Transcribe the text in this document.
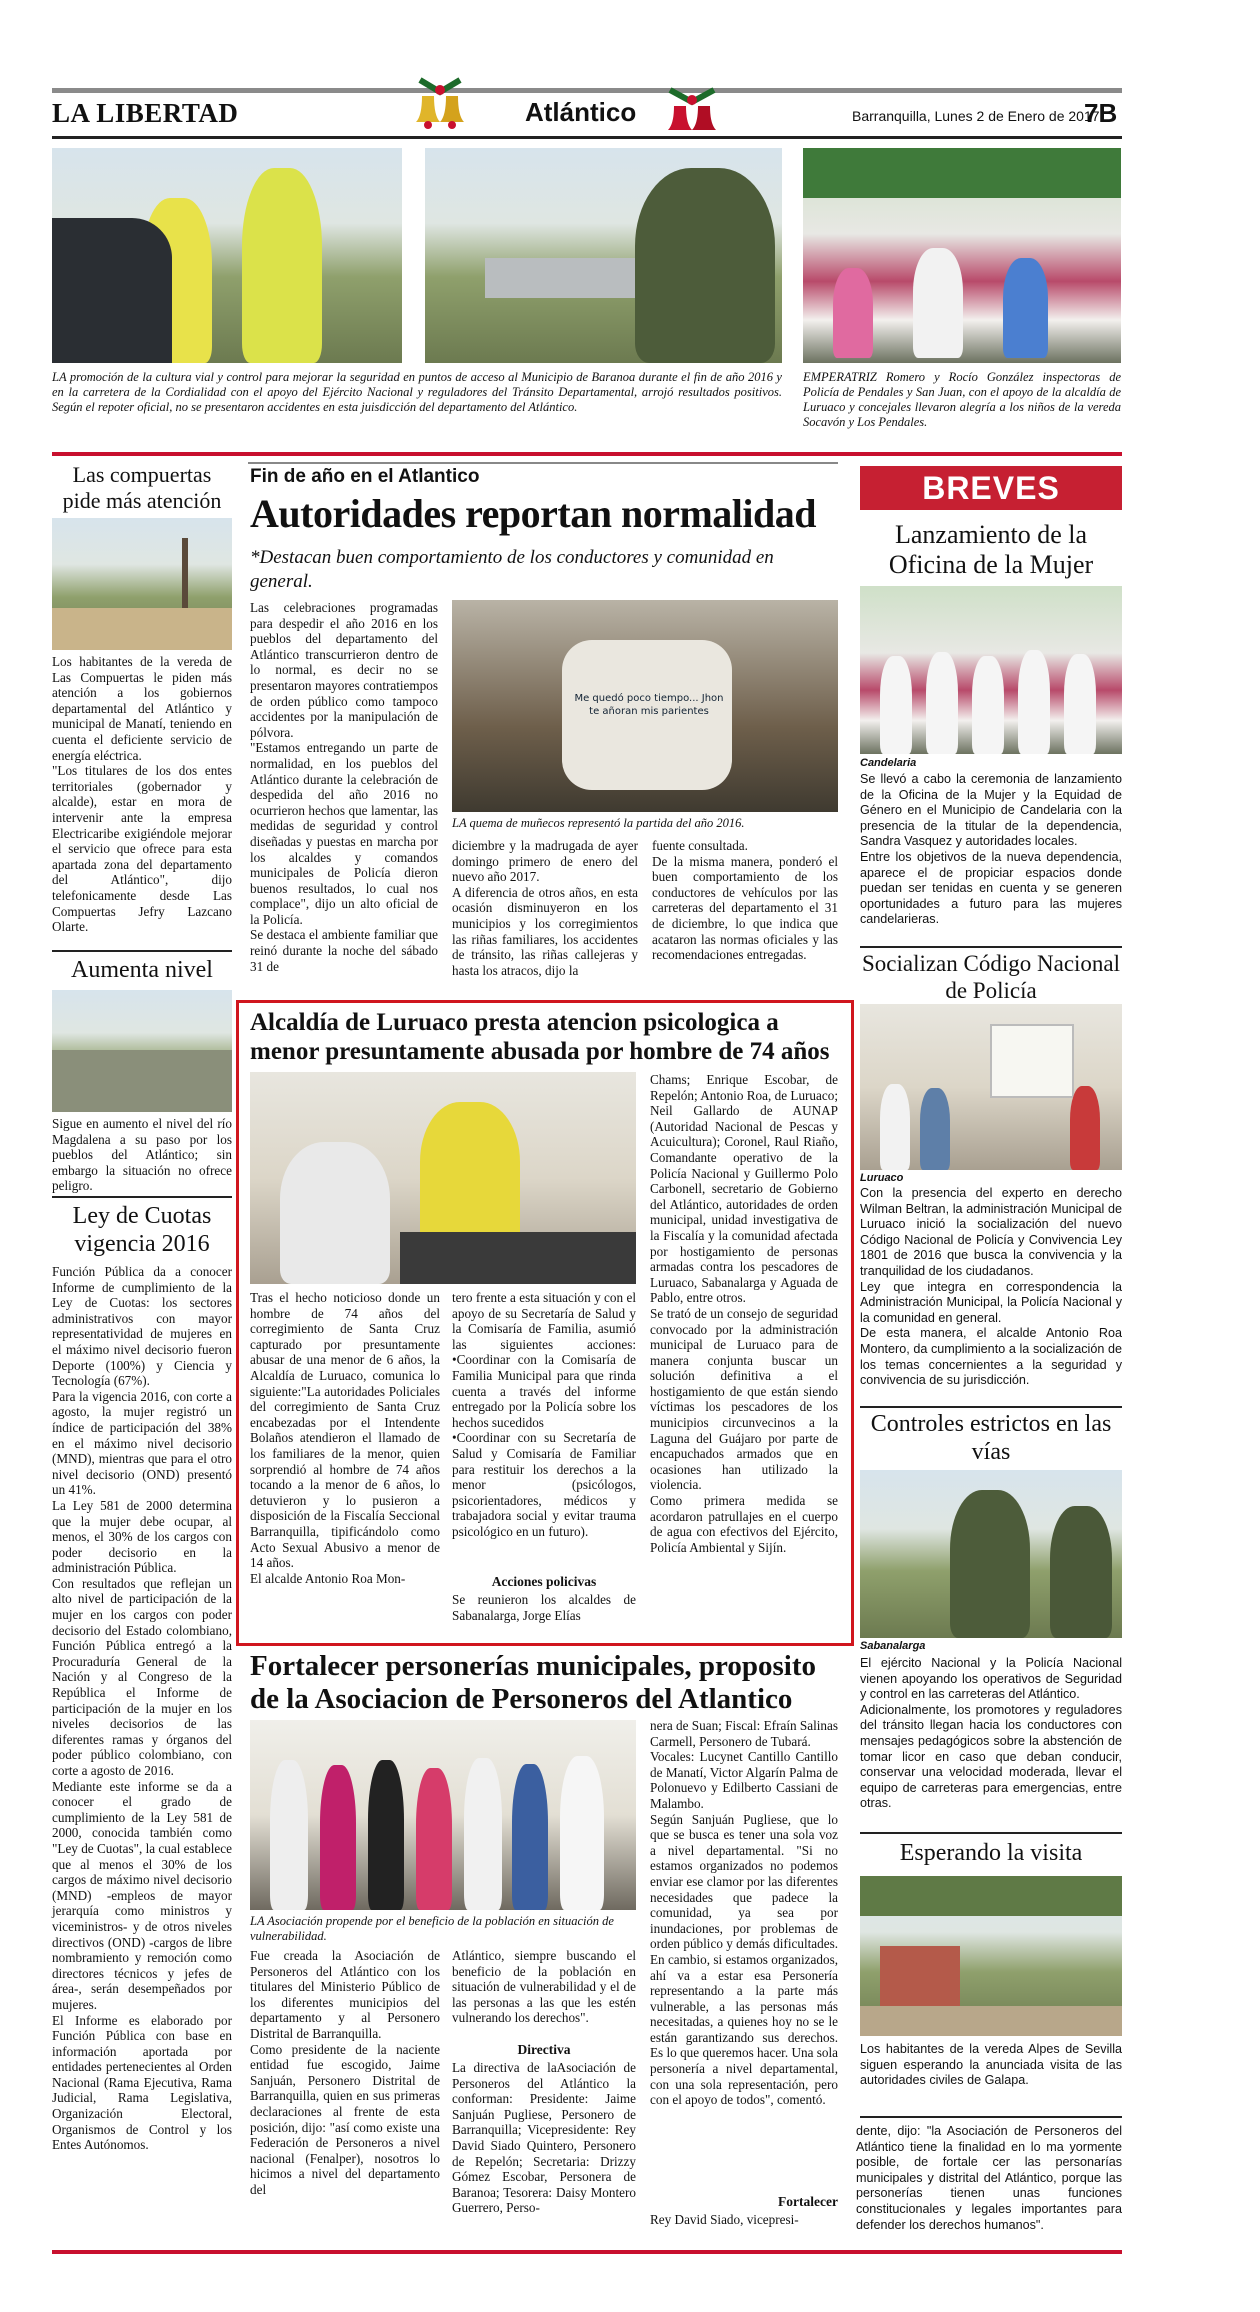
LA LIBERTAD	Atlántico	Barranquilla, Lunes 2 de Enero de 2017
7B
LA promoción de la cultura vial y control para mejorar la seguridad en puntos de acceso al Municipio de Baranoa durante el fin de año 2016 y en la carretera de la Cordialidad con el apoyo del Ejército Nacional y reguladores del Tránsito Departamental, arrojó resultados positivos. Según el repoter oficial, no se presentaron accidentes en esta juisdicción del departamento del Atlántico.
EMPERATRIZ Romero y Rocío González inspectoras de Policía de Pendales y San Juan, con el apoyo de la alcaldía de Luruaco y concejales llevaron alegría a los niños de la vereda Socavón y Los Pendales.
Las compuertas pide más atención
Los habitantes de la vereda de Las Compuertas le piden más atención a los gobiernos departamental del Atlántico y municipal de Manatí, teniendo en cuenta el deficiente servicio de energía eléctrica.
"Los titulares de los dos entes territoriales (gobernador y alcalde), estar en mora de intervenir ante la empresa Electricaribe exigiéndole mejorar el servicio que ofrece para esta apartada zona del departamento del Atlántico", dijo telefonicamente desde Las Compuertas Jefry Lazcano Olarte.
Aumenta nivel
Sigue en aumento el nivel del río Magdalena a su paso por los pueblos del Atlántico; sin embargo la situación no ofrece peligro.
Ley de Cuotas vigencia 2016
Función Pública da a conocer Informe de cumplimiento de la Ley de Cuotas: los sectores administrativos con mayor representatividad de mujeres en el máximo nivel decisorio fueron Deporte (100%) y Ciencia y Tecnología (67%).
Para la vigencia 2016, con corte a agosto, la mujer registró un índice de participación del 38% en el máximo nivel decisorio (MND), mientras que para el otro nivel decisorio (OND) presentó un 41%.
La Ley 581 de 2000 determina que la mujer debe ocupar, al menos, el 30% de los cargos con poder decisorio en la administración Pública.
Con resultados que reflejan un alto nivel de participación de la mujer en los cargos con poder decisorio del Estado colombiano, Función Pública entregó a la Procuraduría General de la Nación y al Congreso de la República el Informe de participación de la mujer en los niveles decisorios de las diferentes ramas y órganos del poder público colombiano, con corte a agosto de 2016.
Mediante este informe se da a conocer el grado de cumplimiento de la Ley 581 de 2000, conocida también como "Ley de Cuotas", la cual establece que al menos el 30% de los cargos de máximo nivel decisorio (MND) -empleos de mayor jerarquía como ministros y viceministros- y de otros niveles directivos (OND) -cargos de libre nombramiento y remoción como directores técnicos y jefes de área-, serán desempeñados por mujeres.
El Informe es elaborado por Función Pública con base en información aportada por entidades pertenecientes al Orden Nacional (Rama Ejecutiva, Rama Judicial, Rama Legislativa, Organización Electoral, Organismos de Control y los Entes Autónomos.
Fin de año en el Atlantico
Autoridades reportan normalidad
*Destacan buen comportamiento de los conductores y comunidad en general.
Las celebraciones programadas para despedir el año 2016 en los pueblos del departamento del Atlántico transcurrieron dentro de lo normal, es decir no se presentaron mayores contratiempos de orden público como tampoco accidentes por la manipulación de pólvora.
"Estamos entregando un parte de normalidad, en los pueblos del Atlántico durante la celebración de despedida del año 2016 no ocurrieron hechos que lamentar, las medidas de seguridad y control diseñadas y puestas en marcha por los alcaldes y comandos municipales de Policía dieron buenos resultados, lo cual nos complace", dijo un alto oficial de la Policía.
Se destaca el ambiente familiar que reinó durante la noche del sábado 31 de
Me quedó poco tiempo... Jhon te añoran mis parientes
LA quema de muñecos representó la partida del año 2016.
diciembre y la madrugada de ayer domingo primero de enero del nuevo año 2017.
A diferencia de otros años, en esta ocasión disminuyeron en los municipios y los corregimientos las riñas familiares, los accidentes de tránsito, las riñas callejeras y hasta los atracos, dijo la
fuente consultada.
De la misma manera, ponderó el buen comportamiento de los conductores de vehículos por las carreteras del departamento el 31 de diciembre, lo que indica que acataron las normas oficiales y las recomendaciones entregadas.
Alcaldía de Luruaco presta atencion psicologica a menor presuntamente abusada por hombre de 74 años
Tras el hecho noticioso donde un hombre de 74 años del corregimiento de Santa Cruz capturado por presuntamente abusar de una menor de 6 años, la Alcaldía de Luruaco, comunica lo siguiente:"La autoridades Policiales del corregimiento de Santa Cruz encabezadas por el Intendente Bolaños atendieron el llamado de los familiares de la menor, quien sorprendió al hombre de 74 años tocando a la menor de 6 años, lo detuvieron y lo pusieron a disposición de la Fiscalía Seccional Barranquilla, tipificándolo como Acto Sexual Abusivo a menor de 14 años.
El alcalde Antonio Roa Mon-
tero frente a esta situación y con el apoyo de su Secretaría de Salud y la Comisaría de Familia, asumió las siguientes acciones: •Coordinar con la Comisaría de Familia Municipal para que rinda cuenta a través del informe entregado por la Policía sobre los hechos sucedidos
•Coordinar con su Secretaría de Salud y Comisaría de Familiar para restituir los derechos a la menor (psicólogos, psicorientadores, médicos y trabajadora social y evitar trauma psicológico en un futuro).
Acciones policivas
Se reunieron los alcaldes de Sabanalarga, Jorge Elías
Chams; Enrique Escobar, de Repelón; Antonio Roa, de Luruaco; Neil Gallardo de AUNAP (Autoridad Nacional de Pescas y Acuicultura); Coronel, Raul Riaño, Comandante operativo de la Policía Nacional y Guillermo Polo Carbonell, secretario de Gobierno del Atlántico, autoridades de orden municipal, unidad investigativa de la Fiscalía y la comunidad afectada por hostigamiento de personas armadas contra los pescadores de Luruaco, Sabanalarga y Aguada de Pablo, entre otros.
Se trató de un consejo de seguridad convocado por la administración municipal de Luruaco para de manera conjunta buscar un solución definitiva a el hostigamiento de que están siendo víctimas los pescadores de los municipios circunvecinos a la Laguna del Guájaro por parte de encapuchados armados que en ocasiones han utilizado la violencia.
Como primera medida se acordaron patrullajes en el cuerpo de agua con efectivos del Ejército, Policía Ambiental y Sijín.
Fortalecer personerías municipales, proposito de la Asociacion de Personeros del Atlantico
LA Asociación propende por el beneficio de la población en situación de vulnerabilidad.
Fue creada la Asociación de Personeros del Atlántico con los titulares del Ministerio Público de los diferentes municipios del departamento y al Personero Distrital de Barranquilla.
Como presidente de la naciente entidad fue escogido, Jaime Sanjuán, Personero Distrital de Barranquilla, quien en sus primeras declaraciones al frente de esta posición, dijo: "así como existe una Federación de Personeros a nivel nacional (Fenalper), nosotros lo hicimos a nivel del departamento del
Atlántico, siempre buscando el beneficio de la población en situación de vulnerabilidad y el de las personas a las que les estén vulnerando los derechos".
Directiva
La directiva de laAsociación de Personeros del Atlántico la conforman: Presidente: Jaime Sanjuán Pugliese, Personero de Barranquilla; Vicepresidente: Rey David Siado Quintero, Personero de Repelón; Secretaria: Drizzy Gómez Escobar, Personera de Baranoa; Tesorera: Daisy Montero Guerrero, Perso-
nera de Suan; Fiscal: Efraín Salinas Carmell, Personero de Tubará.
Vocales: Lucynet Cantillo Cantillo de Manatí, Victor Algarín Palma de Polonuevo y Edilberto Cassiani de Malambo.
Según Sanjuán Pugliese, que lo que se busca es tener una sola voz a nivel departamental. "Si no estamos organizados no podemos enviar ese clamor por las diferentes necesidades que padece la comunidad, ya sea por inundaciones, por problemas de orden público y demás dificultades. En cambio, si estamos organizados, ahí va a estar esa Personería representando a la parte más vulnerable, a las personas más necesitadas, a quienes hoy no se le están garantizando sus derechos. Es lo que queremos hacer. Una sola personería a nivel departamental, con una sola representación, pero con el apoyo de todos", comentó.
Fortalecer
Rey David Siado, vicepresi-
dente, dijo: "la Asociación de Personeros del Atlántico tiene la finalidad en lo ma yormente posible, de fortale cer las personarías municipales y distrital del Atlántico, porque las personerías tienen unas funciones constitucionales y legales importantes para defender los derechos humanos".
BREVES
Lanzamiento de la Oficina de la Mujer
Candelaria
Se llevó a cabo la ceremonia de lanzamiento de la Oficina de la Mujer y la Equidad de Género en el Municipio de Candelaria con la presencia de la titular de la dependencia, Sandra Vasquez y autoridades locales.
Entre los objetivos de la nueva dependencia, aparece el de propiciar espacios donde puedan ser tenidas en cuenta y se generen oportunidades a futuro para las mujeres candelarieras.
Socializan Código Nacional de Policía
Luruaco
Con la presencia del experto en derecho Wilman Beltran, la administración Municipal de Luruaco inició la socialización del nuevo Código Nacional de Policía y Convivencia Ley 1801 de 2016 que busca la convivencia y la tranquilidad de los ciudadanos.
Ley que integra en correspondencia la Administración Municipal, la Policía Nacional y la comunidad en general.
De esta manera, el alcalde Antonio Roa Montero, da cumplimiento a la socialización de los temas concernientes a la seguridad y convivencia de su jurisdicción.
Controles estrictos en las vías
Sabanalarga
El ejército Nacional y la Policía Nacional vienen apoyando los operativos de Seguridad y control en las carreteras del Atlántico.
Adicionalmente, los promotores y reguladores del tránsito llegan hacia los conductores con mensajes pedagógicos sobre la abstención de tomar licor en caso que deban conducir, conservar una velocidad moderada, llevar el equipo de carreteras para emergencias, entre otras.
Esperando la visita
Los habitantes de la vereda Alpes de Sevilla siguen esperando la anunciada visita de las autoridades civiles de Galapa.
